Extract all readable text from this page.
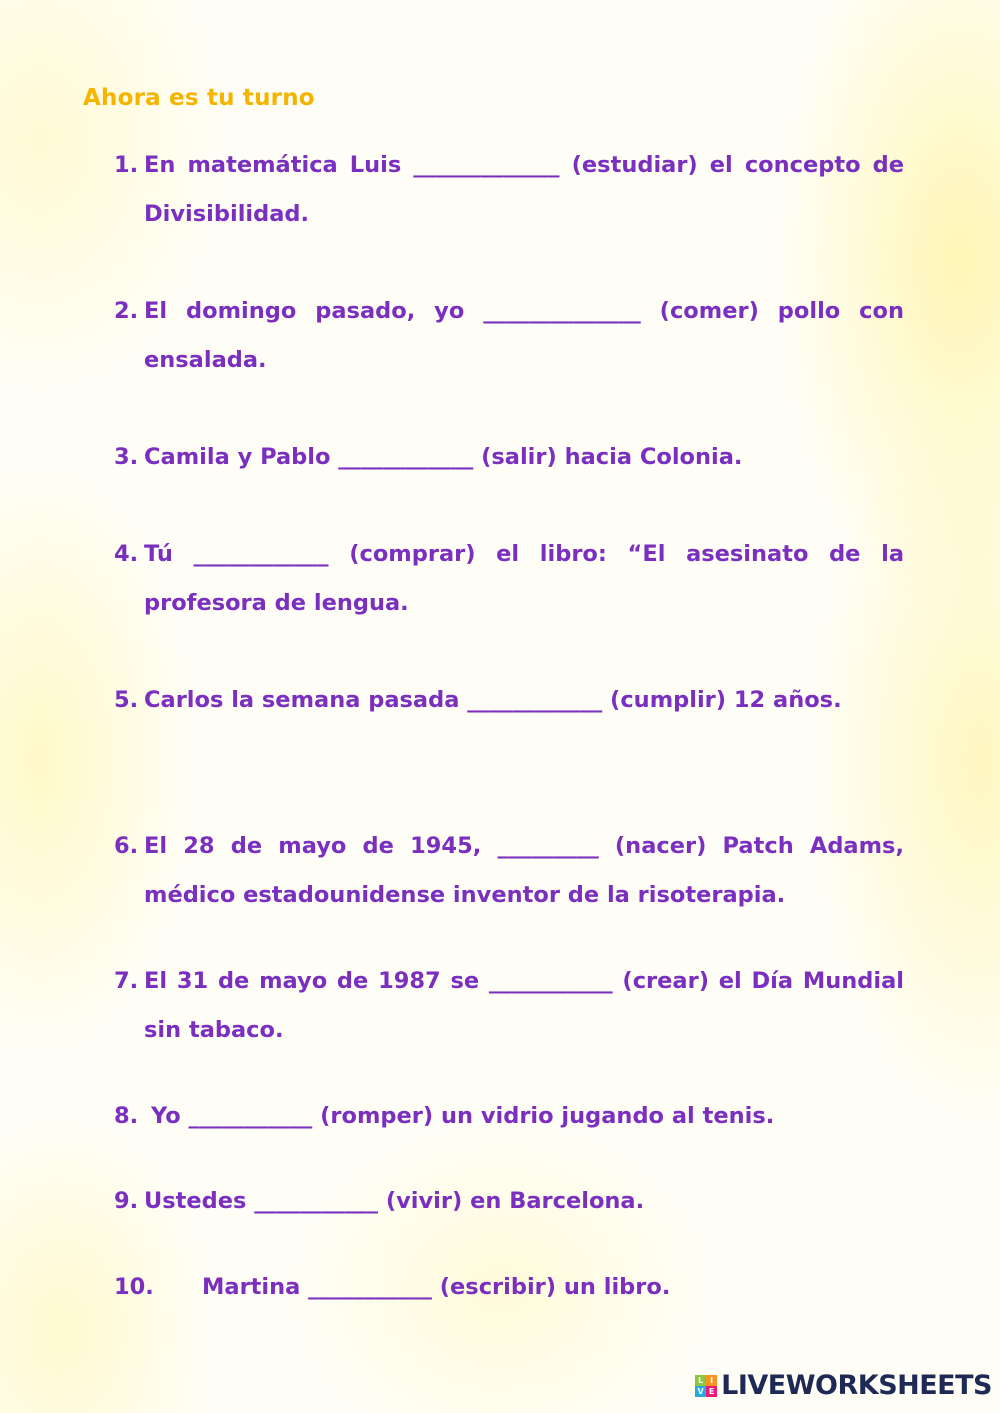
Ahora es tu turno
1. En matemática Luis _____________ (estudiar) el concepto de Divisibilidad.
2. El domingo pasado, yo ______________ (comer) pollo con ensalada.
3. Camila y Pablo ____________ (salir) hacia Colonia.
4. Tú ____________ (comprar) el libro: “El asesinato de la profesora de lengua.
5. Carlos la semana pasada ____________ (cumplir) 12 años.
6. El 28 de mayo de 1945, _________ (nacer) Patch Adams, médico estadounidense inventor de la risoterapia.
7. El 31 de mayo de 1987 se ___________ (crear) el Día Mundial sin tabaco.
8. Yo ___________ (romper) un vidrio jugando al tenis.
9. Ustedes ___________ (vivir) en Barcelona.
10. Martina ___________ (escribir) un libro.
L I
V E LIVEWORKSHEETS
